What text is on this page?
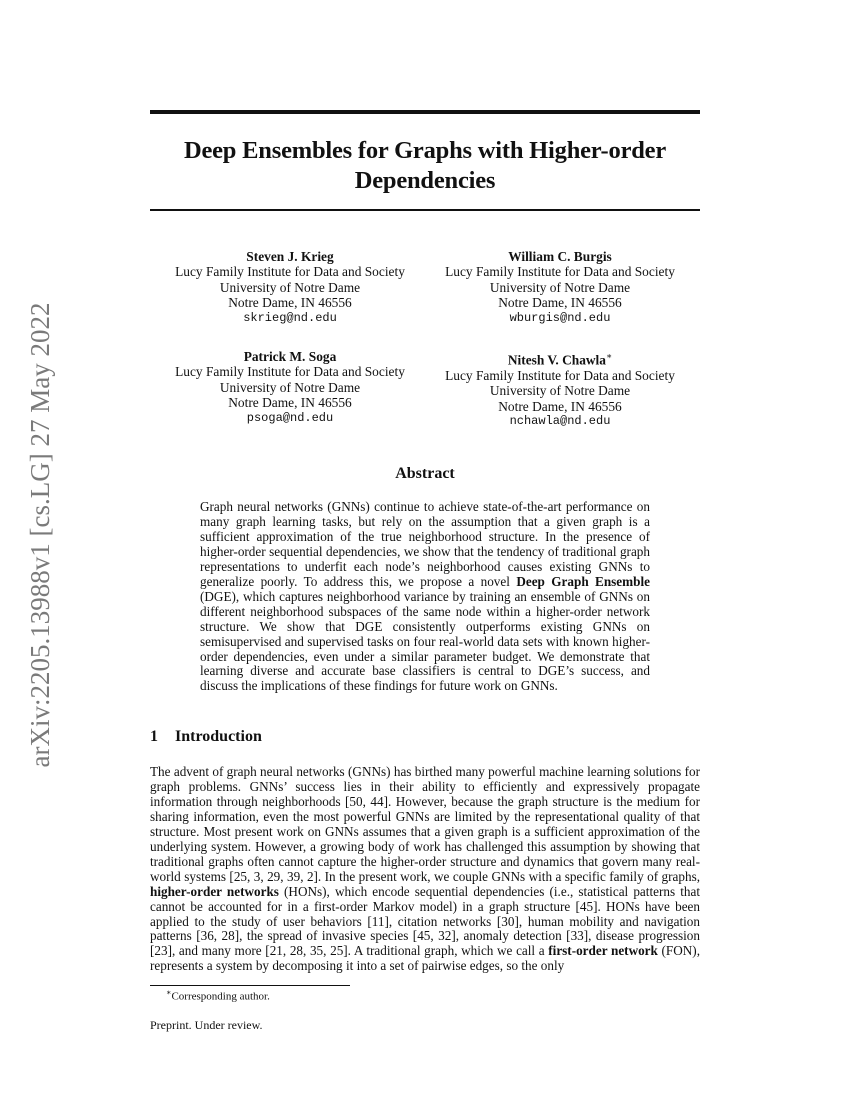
arXiv:2205.13988v1 [cs.LG] 27 May 2022
Deep Ensembles for Graphs with Higher-order
Dependencies
Steven J. Krieg
Lucy Family Institute for Data and Society
University of Notre Dame
Notre Dame, IN 46556
skrieg@nd.edu
William C. Burgis
Lucy Family Institute for Data and Society
University of Notre Dame
Notre Dame, IN 46556
wburgis@nd.edu
Patrick M. Soga
Lucy Family Institute for Data and Society
University of Notre Dame
Notre Dame, IN 46556
psoga@nd.edu
Nitesh V. Chawla∗
Lucy Family Institute for Data and Society
University of Notre Dame
Notre Dame, IN 46556
nchawla@nd.edu
Abstract
Graph neural networks (GNNs) continue to achieve state-of-the-art performance on many graph learning tasks, but rely on the assumption that a given graph is a sufficient approximation of the true neighborhood structure. In the presence of higher-order sequential dependencies, we show that the tendency of traditional graph representations to underfit each node’s neighborhood causes existing GNNs to generalize poorly. To address this, we propose a novel Deep Graph Ensemble (DGE), which captures neighborhood variance by training an ensemble of GNNs on different neighborhood subspaces of the same node within a higher-order network structure. We show that DGE consistently outperforms existing GNNs on semisupervised and supervised tasks on four real-world data sets with known higher-order dependencies, even under a similar parameter budget. We demonstrate that learning diverse and accurate base classifiers is central to DGE’s success, and discuss the implications of these findings for future work on GNNs.
1 Introduction
The advent of graph neural networks (GNNs) has birthed many powerful machine learning solutions for graph problems. GNNs’ success lies in their ability to efficiently and expressively propagate information through neighborhoods [50, 44]. However, because the graph structure is the medium for sharing information, even the most powerful GNNs are limited by the representational quality of that structure. Most present work on GNNs assumes that a given graph is a sufficient approximation of the underlying system. However, a growing body of work has challenged this assumption by showing that traditional graphs often cannot capture the higher-order structure and dynamics that govern many real-world systems [25, 3, 29, 39, 2]. In the present work, we couple GNNs with a specific family of graphs, higher-order networks (HONs), which encode sequential dependencies (i.e., statistical patterns that cannot be accounted for in a first-order Markov model) in a graph structure [45]. HONs have been applied to the study of user behaviors [11], citation networks [30], human mobility and navigation patterns [36, 28], the spread of invasive species [45, 32], anomaly detection [33], disease progression [23], and many more [21, 28, 35, 25]. A traditional graph, which we call a first-order network (FON), represents a system by decomposing it into a set of pairwise edges, so the only
∗Corresponding author.
Preprint. Under review.
